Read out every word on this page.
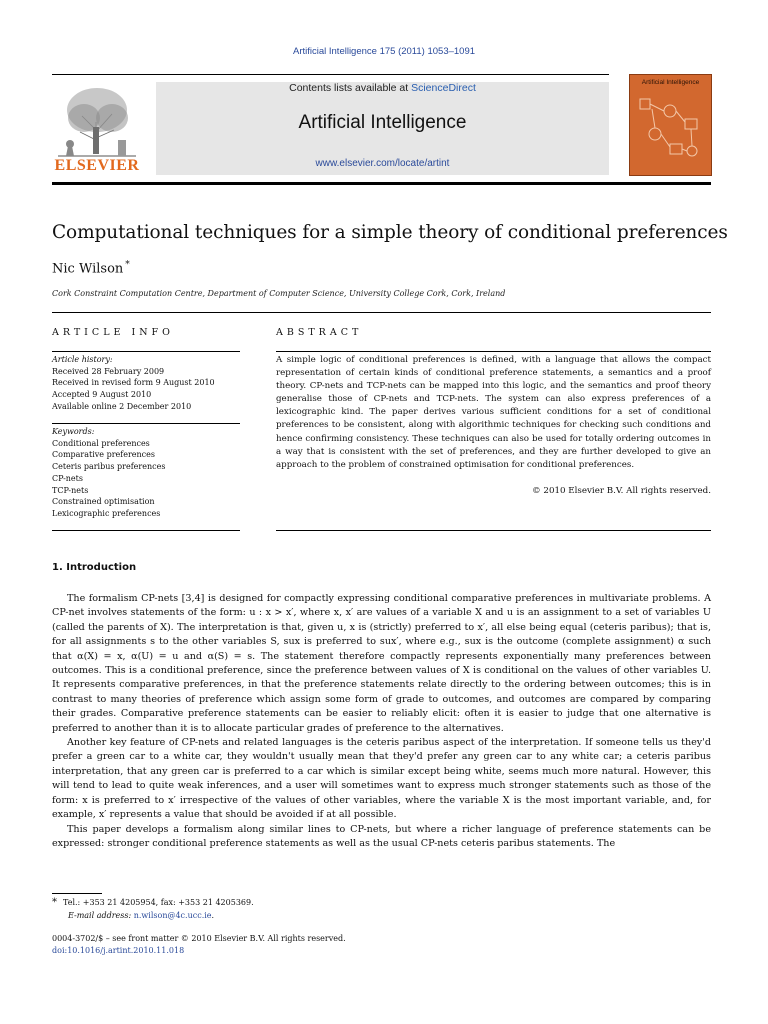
Artificial Intelligence 175 (2011) 1053–1091
ELSEVIER
Contents lists available at ScienceDirect
Artificial Intelligence
www.elsevier.com/locate/artint
Artificial Intelligence
Computational techniques for a simple theory of conditional preferences
Nic Wilson *
Cork Constraint Computation Centre, Department of Computer Science, University College Cork, Cork, Ireland
ARTICLE INFO	ABSTRACT
Article history:
Received 28 February 2009
Received in revised form 9 August 2010
Accepted 9 August 2010
Available online 2 December 2010
Keywords:
Conditional preferences
Comparative preferences
Ceteris paribus preferences
CP-nets
TCP-nets
Constrained optimisation
Lexicographic preferences
A simple logic of conditional preferences is defined, with a language that allows the compact representation of certain kinds of conditional preference statements, a semantics and a proof theory. CP-nets and TCP-nets can be mapped into this logic, and the semantics and proof theory generalise those of CP-nets and TCP-nets. The system can also express preferences of a lexicographic kind. The paper derives various sufficient conditions for a set of conditional preferences to be consistent, along with algorithmic techniques for checking such conditions and hence confirming consistency. These techniques can also be used for totally ordering outcomes in a way that is consistent with the set of preferences, and they are further developed to give an approach to the problem of constrained optimisation for conditional preferences.
© 2010 Elsevier B.V. All rights reserved.
1. Introduction

The formalism CP-nets [3,4] is designed for compactly expressing conditional comparative preferences in multivariate problems. A CP-net involves statements of the form: u : x > x′, where x, x′ are values of a variable X and u is an assignment to a set of variables U (called the parents of X). The interpretation is that, given u, x is (strictly) preferred to x′, all else being equal (ceteris paribus); that is, for all assignments s to the other variables S, sux is preferred to sux′, where e.g., sux is the outcome (complete assignment) α such that α(X) = x, α(U) = u and α(S) = s. The statement therefore compactly represents exponentially many preferences between outcomes. This is a conditional preference, since the preference between values of X is conditional on the values of other variables U. It represents comparative preferences, in that the preference statements relate directly to the ordering between outcomes; this is in contrast to many theories of preference which assign some form of grade to outcomes, and outcomes are compared by comparing their grades. Comparative preference statements can be easier to reliably elicit: often it is easier to judge that one alternative is preferred to another than it is to allocate particular grades of preference to the alternatives.

Another key feature of CP-nets and related languages is the ceteris paribus aspect of the interpretation. If someone tells us they'd prefer a green car to a white car, they wouldn't usually mean that they'd prefer any green car to any white car; a ceteris paribus interpretation, that any green car is preferred to a car which is similar except being white, seems much more natural. However, this will tend to lead to quite weak inferences, and a user will sometimes want to express much stronger statements such as those of the form: x is preferred to x′ irrespective of the values of other variables, where the variable X is the most important variable, and, for example, x′ represents a value that should be avoided if at all possible.

This paper develops a formalism along similar lines to CP-nets, but where a richer language of preference statements can be expressed: stronger conditional preference statements as well as the usual CP-nets ceteris paribus statements. The

* Tel.: +353 21 4205954, fax: +353 21 4205369.
E-mail address: n.wilson@4c.ucc.ie.
0004-3702/$ – see front matter © 2010 Elsevier B.V. All rights reserved.
doi:10.1016/j.artint.2010.11.018
